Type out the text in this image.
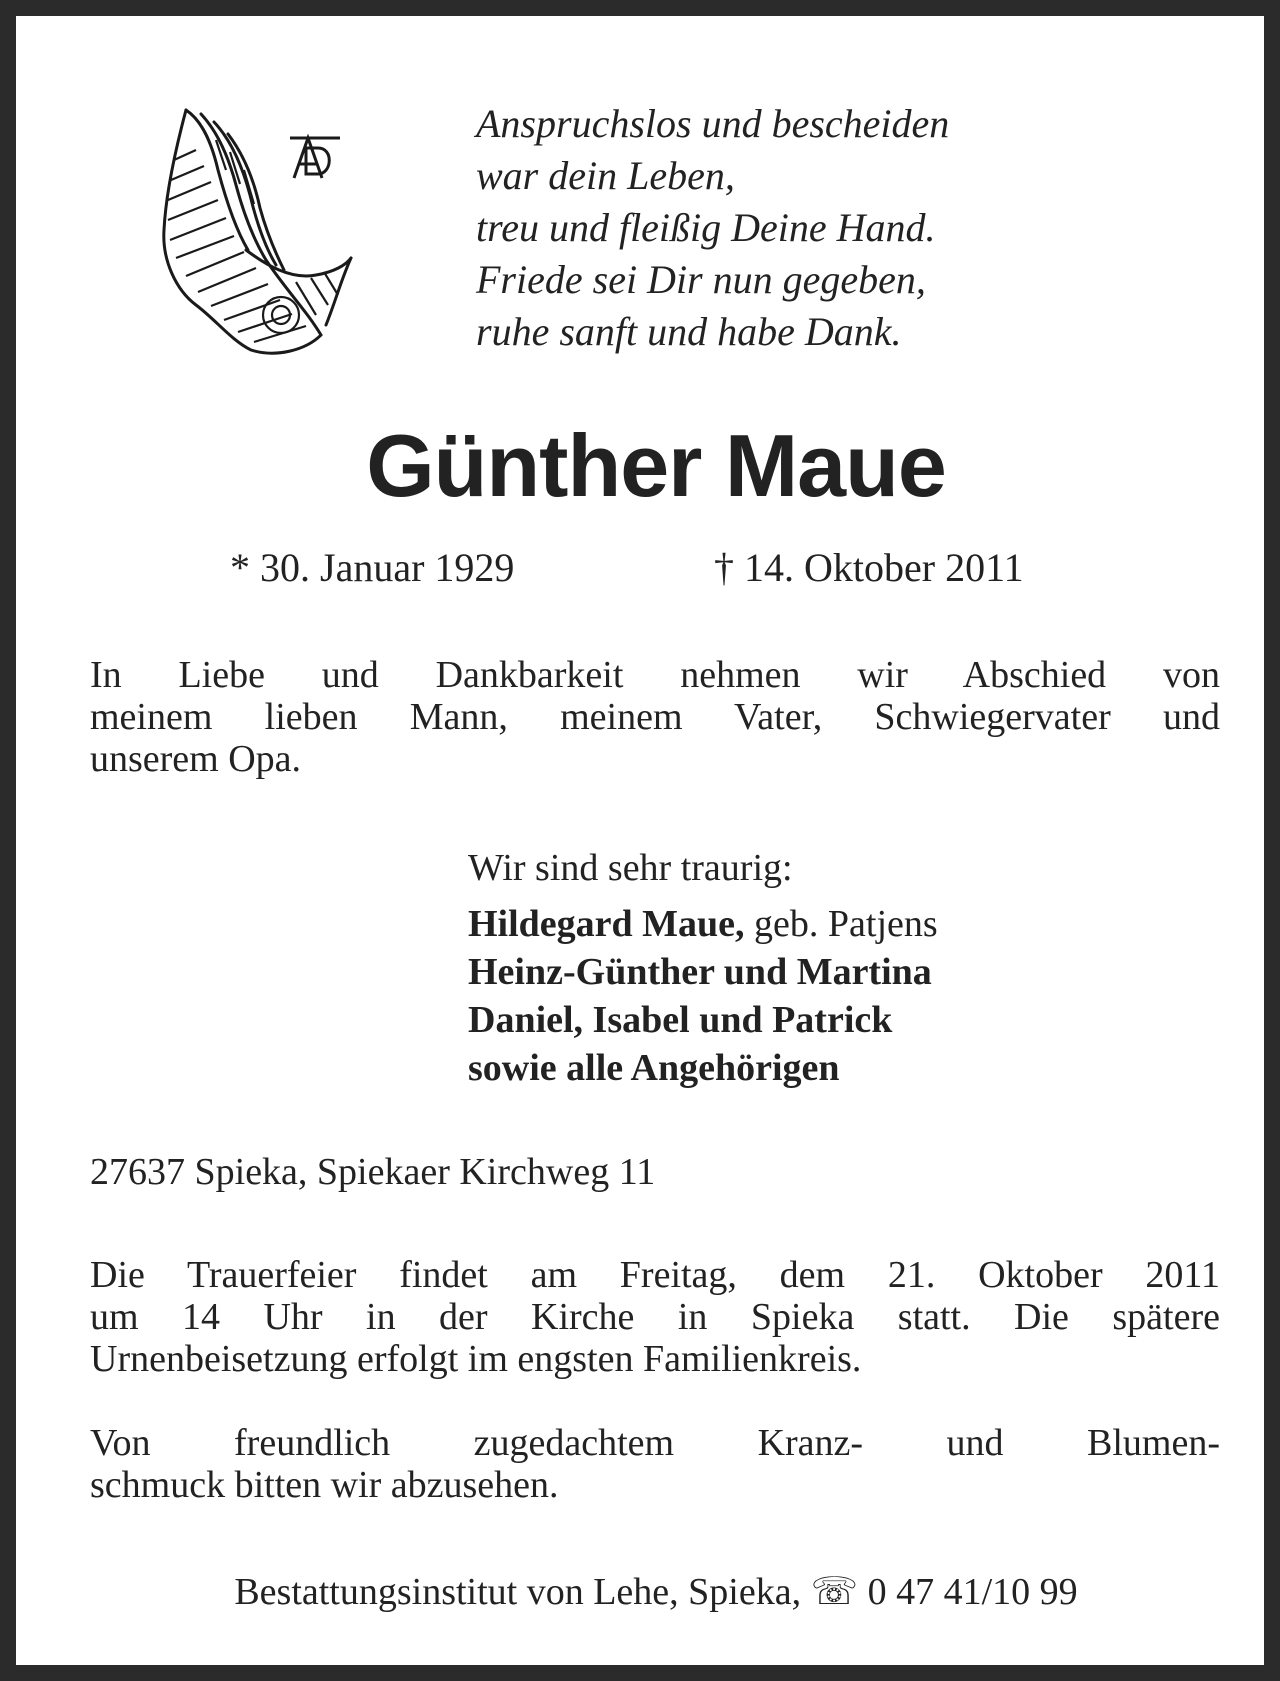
Anspruchslos und bescheiden
war dein Leben,
treu und fleißig Deine Hand.
Friede sei Dir nun gegeben,
ruhe sanft und habe Dank.
Günther Maue
* 30. Januar 1929	† 14. Oktober 2011
In Liebe und Dankbarkeit nehmen wir Abschied von
meinem lieben Mann, meinem Vater, Schwiegervater und
unserem Opa.
Wir sind sehr traurig:
Hildegard Maue, geb. Patjens
Heinz-Günther und Martina
Daniel, Isabel und Patrick
sowie alle Angehörigen
27637 Spieka, Spiekaer Kirchweg 11
Die Trauerfeier findet am Freitag, dem 21. Oktober 2011
um 14 Uhr in der Kirche in Spieka statt. Die spätere
Urnenbeisetzung erfolgt im engsten Familienkreis.
Von freundlich zugedachtem Kranz- und Blumen-
schmuck bitten wir abzusehen.
Bestattungsinstitut von Lehe, Spieka, ☏ 0 47 41/10 99
